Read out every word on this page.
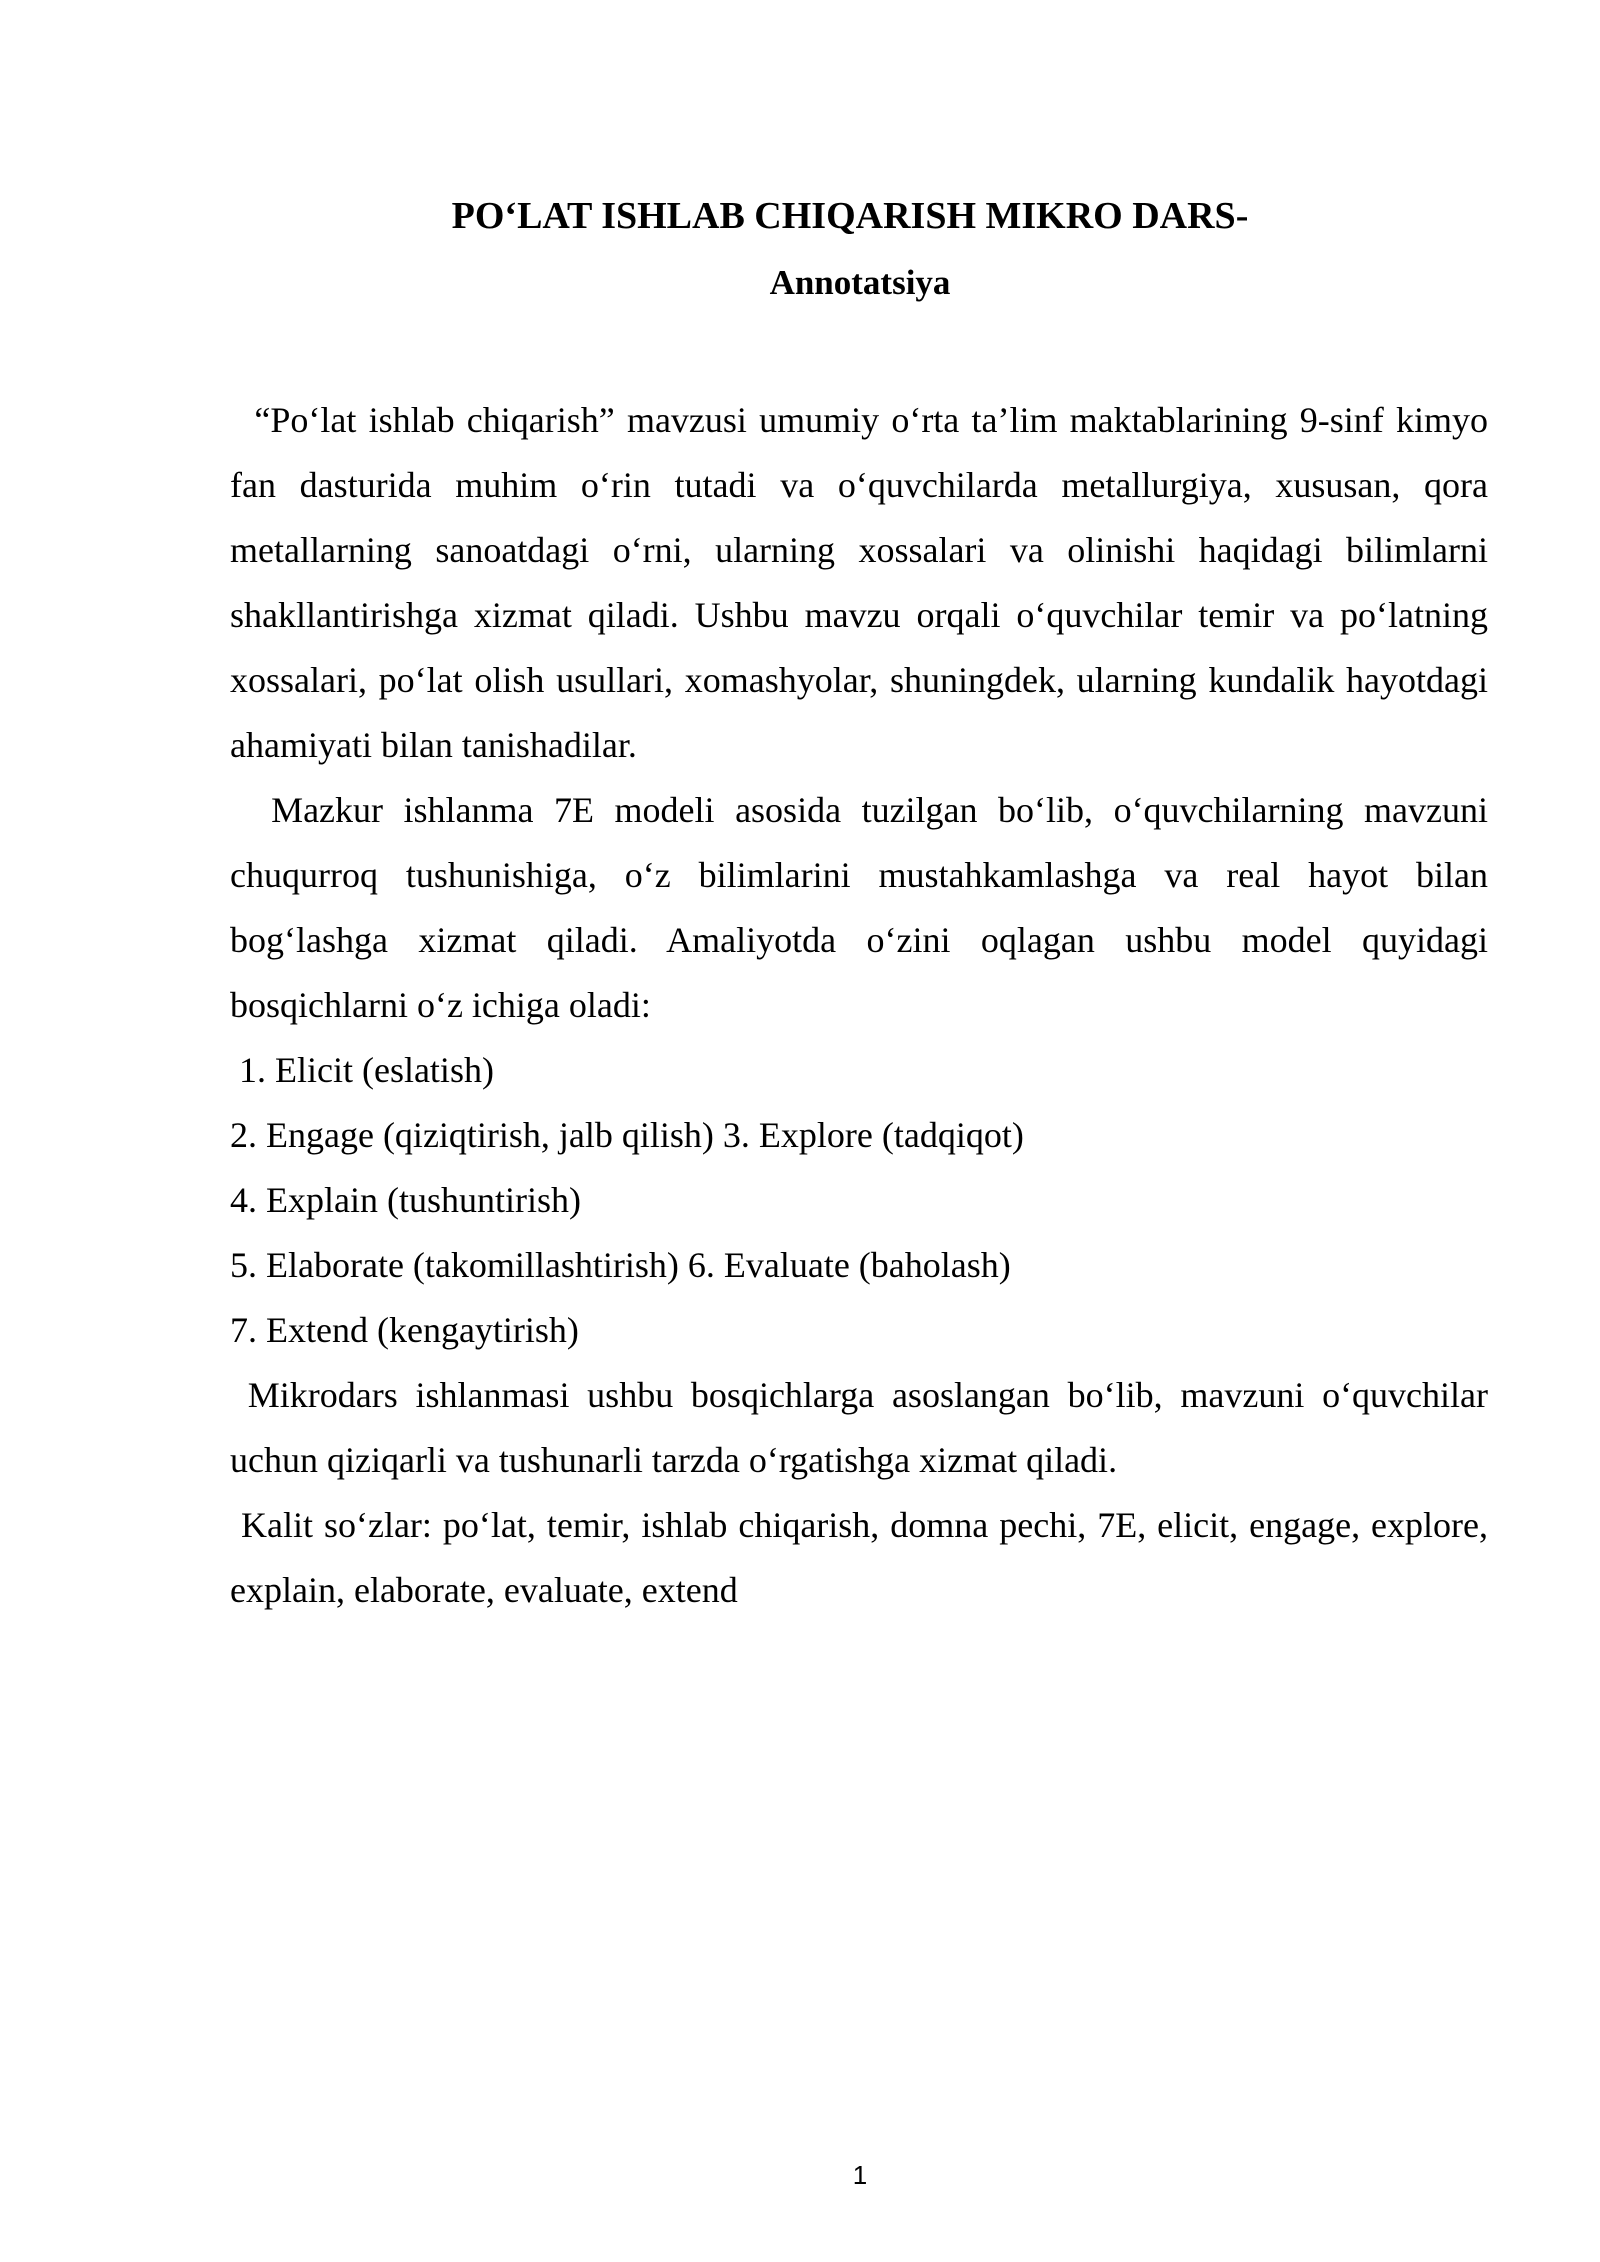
PO‘LAT ISHLAB CHIQARISH MIKRO DARS-
Annotatsiya

“Po‘lat ishlab chiqarish” mavzusi umumiy o‘rta ta’lim maktablarining 9-sinf kimyo fan dasturida muhim o‘rin tutadi va o‘quvchilarda metallurgiya, xususan, qora metallarning sanoatdagi o‘rni, ularning xossalari va olinishi haqidagi bilimlarni shakllantirishga xizmat qiladi. Ushbu mavzu orqali o‘quvchilar temir va po‘latning xossalari, po‘lat olish usullari, xomashyolar, shuningdek, ularning kundalik hayotdagi ahamiyati bilan tanishadilar.

Mazkur ishlanma 7E modeli asosida tuzilgan bo‘lib, o‘quvchilarning mavzuni chuqurroq tushunishiga, o‘z bilimlarini mustahkamlashga va real hayot bilan bog‘lashga xizmat qiladi. Amaliyotda o‘zini oqlagan ushbu model quyidagi bosqichlarni o‘z ichiga oladi:

1. Elicit (eslatish)
2. Engage (qiziqtirish, jalb qilish) 3. Explore (tadqiqot)
4. Explain (tushuntirish)
5. Elaborate (takomillashtirish) 6. Evaluate (baholash)
7. Extend (kengaytirish)

Mikrodars ishlanmasi ushbu bosqichlarga asoslangan bo‘lib, mavzuni o‘quvchilar uchun qiziqarli va tushunarli tarzda o‘rgatishga xizmat qiladi.

Kalit so‘zlar: po‘lat, temir, ishlab chiqarish, domna pechi, 7E, elicit, engage, explore, explain, elaborate, evaluate, extend

1
